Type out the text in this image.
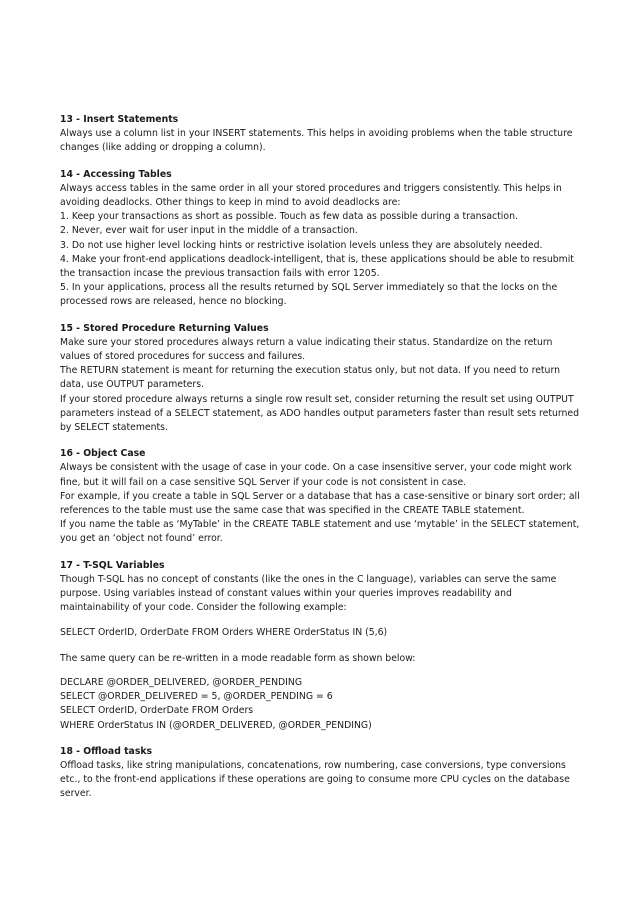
13 - Insert Statements

Always use a column list in your INSERT statements. This helps in avoiding problems when the table structure changes (like adding or dropping a column).

14 - Accessing Tables

Always access tables in the same order in all your stored procedures and triggers consistently. This helps in avoiding deadlocks. Other things to keep in mind to avoid deadlocks are:

1. Keep your transactions as short as possible. Touch as few data as possible during a transaction.

2. Never, ever wait for user input in the middle of a transaction.

3. Do not use higher level locking hints or restrictive isolation levels unless they are absolutely needed.

4. Make your front-end applications deadlock-intelligent, that is, these applications should be able to resubmit the transaction incase the previous transaction fails with error 1205.

5. In your applications, process all the results returned by SQL Server immediately so that the locks on the processed rows are released, hence no blocking.

15 - Stored Procedure Returning Values

Make sure your stored procedures always return a value indicating their status. Standardize on the return values of stored procedures for success and failures.

The RETURN statement is meant for returning the execution status only, but not data. If you need to return data, use OUTPUT parameters.

If your stored procedure always returns a single row result set, consider returning the result set using OUTPUT parameters instead of a SELECT statement, as ADO handles output parameters faster than result sets returned by SELECT statements.

16 - Object Case

Always be consistent with the usage of case in your code. On a case insensitive server, your code might work fine, but it will fail on a case sensitive SQL Server if your code is not consistent in case.

For example, if you create a table in SQL Server or a database that has a case-sensitive or binary sort order; all references to the table must use the same case that was specified in the CREATE TABLE statement.

If you name the table as ‘MyTable’ in the CREATE TABLE statement and use ‘mytable’ in the SELECT statement, you get an ‘object not found’ error.

17 - T-SQL Variables

Though T-SQL has no concept of constants (like the ones in the C language), variables can serve the same purpose. Using variables instead of constant values within your queries improves readability and maintainability of your code. Consider the following example:

SELECT OrderID, OrderDate FROM Orders WHERE OrderStatus IN (5,6)

The same query can be re-written in a mode readable form as shown below:

DECLARE @ORDER_DELIVERED, @ORDER_PENDING

SELECT @ORDER_DELIVERED = 5, @ORDER_PENDING = 6

SELECT OrderID, OrderDate FROM Orders

WHERE OrderStatus IN (@ORDER_DELIVERED, @ORDER_PENDING)

18 - Offload tasks

Offload tasks, like string manipulations, concatenations, row numbering, case conversions, type conversions etc., to the front-end applications if these operations are going to consume more CPU cycles on the database server.
